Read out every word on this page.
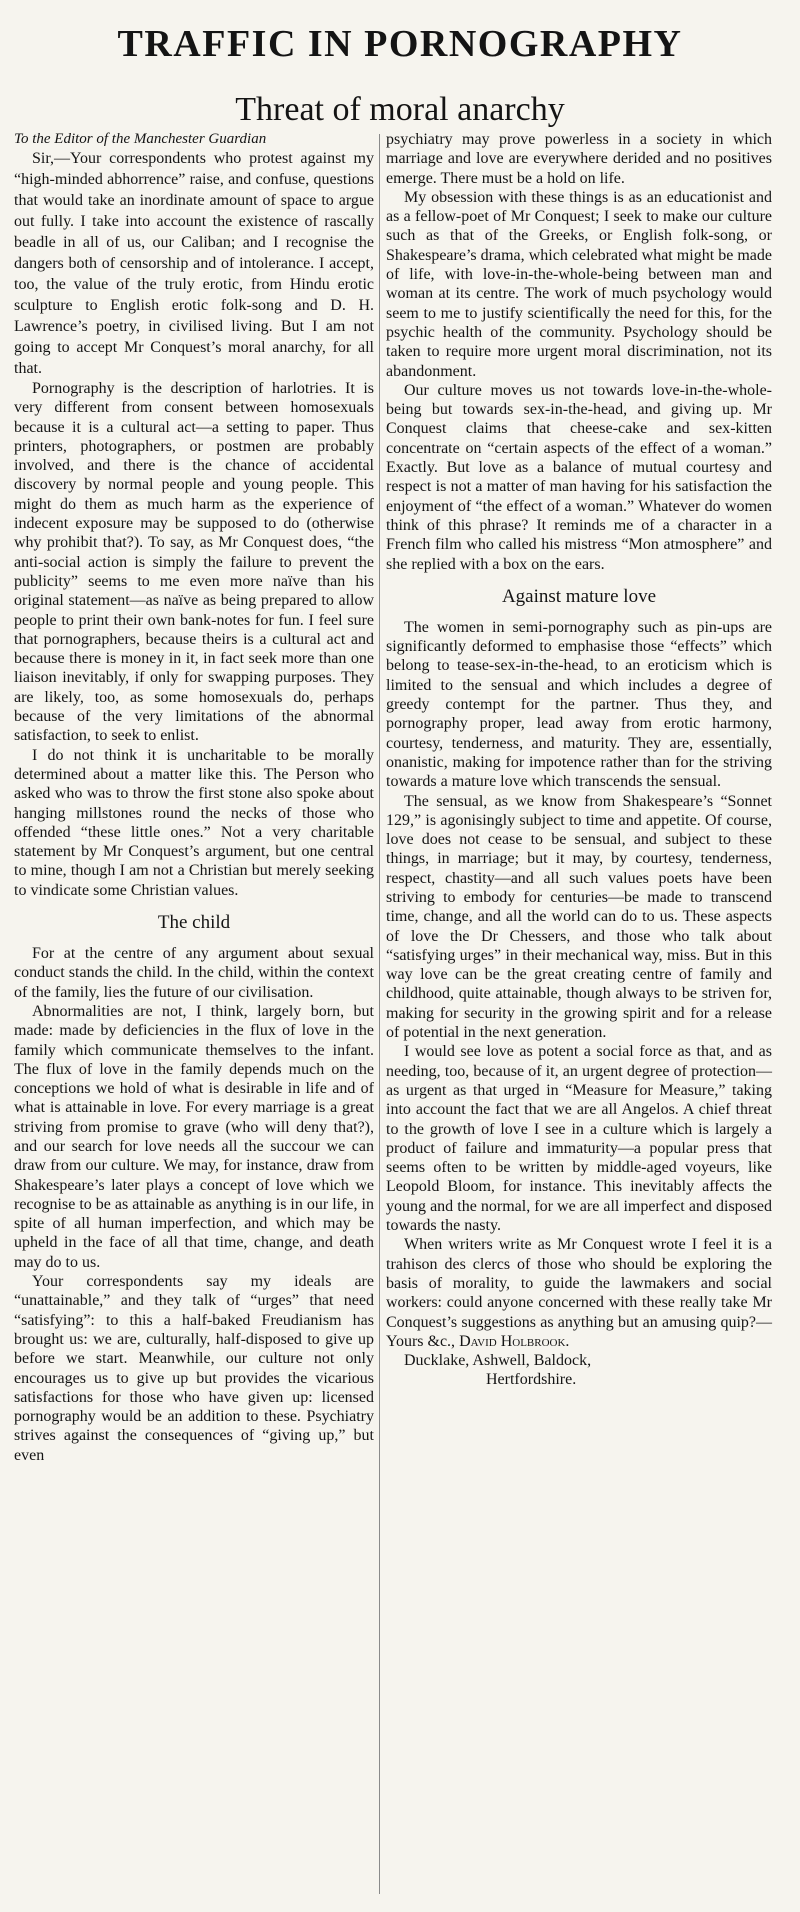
TRAFFIC IN PORNOGRAPHY
Threat of moral anarchy
To the Editor of the Manchester Guardian

Sir,—Your correspondents who protest against my “high-minded abhorrence” raise, and confuse, questions that would take an inordinate amount of space to argue out fully. I take into account the existence of rascally beadle in all of us, our Caliban; and I recognise the dangers both of censorship and of intolerance. I accept, too, the value of the truly erotic, from Hindu erotic sculpture to English erotic folk-song and D. H. Lawrence’s poetry, in civilised living. But I am not going to accept Mr Conquest’s moral anarchy, for all that.

Pornography is the description of harlotries. It is very different from consent between homosexuals because it is a cultural act—a setting to paper. Thus printers, photographers, or postmen are probably involved, and there is the chance of accidental discovery by normal people and young people. This might do them as much harm as the experience of indecent exposure may be supposed to do (otherwise why prohibit that?). To say, as Mr Conquest does, “the anti-social action is simply the failure to prevent the publicity” seems to me even more naïve than his original statement—as naïve as being prepared to allow people to print their own bank-notes for fun. I feel sure that pornographers, because theirs is a cultural act and because there is money in it, in fact seek more than one liaison inevitably, if only for swapping purposes. They are likely, too, as some homosexuals do, perhaps because of the very limitations of the abnormal satisfaction, to seek to enlist.

I do not think it is uncharitable to be morally determined about a matter like this. The Person who asked who was to throw the first stone also spoke about hanging millstones round the necks of those who offended “these little ones.” Not a very charitable statement by Mr Conquest’s argument, but one central to mine, though I am not a Christian but merely seeking to vindicate some Christian values.

The child

For at the centre of any argument about sexual conduct stands the child. In the child, within the context of the family, lies the future of our civilisation.

Abnormalities are not, I think, largely born, but made: made by deficiencies in the flux of love in the family which communicate themselves to the infant. The flux of love in the family depends much on the conceptions we hold of what is desirable in life and of what is attainable in love. For every marriage is a great striving from promise to grave (who will deny that?), and our search for love needs all the succour we can draw from our culture. We may, for instance, draw from Shakespeare’s later plays a concept of love which we recognise to be as attainable as anything is in our life, in spite of all human imperfection, and which may be upheld in the face of all that time, change, and death may do to us.

Your correspondents say my ideals are “unattainable,” and they talk of “urges” that need “satisfying”: to this a half-baked Freudianism has brought us: we are, culturally, half-disposed to give up before we start. Meanwhile, our culture not only encourages us to give up but provides the vicarious satisfactions for those who have given up: licensed pornography would be an addition to these. Psychiatry strives against the consequences of “giving up,” but even

psychiatry may prove powerless in a society in which marriage and love are everywhere derided and no positives emerge. There must be a hold on life.

My obsession with these things is as an educationist and as a fellow-poet of Mr Conquest; I seek to make our culture such as that of the Greeks, or English folk-song, or Shakespeare’s drama, which celebrated what might be made of life, with love-in-the-whole-being between man and woman at its centre. The work of much psychology would seem to me to justify scientifically the need for this, for the psychic health of the community. Psychology should be taken to require more urgent moral discrimination, not its abandonment.

Our culture moves us not towards love-in-the-whole-being but towards sex-in-the-head, and giving up. Mr Conquest claims that cheese-cake and sex-kitten concentrate on “certain aspects of the effect of a woman.” Exactly. But love as a balance of mutual courtesy and respect is not a matter of man having for his satisfaction the enjoyment of “the effect of a woman.” Whatever do women think of this phrase? It reminds me of a character in a French film who called his mistress “Mon atmosphere” and she replied with a box on the ears.

Against mature love

The women in semi-pornography such as pin-ups are significantly deformed to emphasise those “effects” which belong to tease-sex-in-the-head, to an eroticism which is limited to the sensual and which includes a degree of greedy contempt for the partner. Thus they, and pornography proper, lead away from erotic harmony, courtesy, tenderness, and maturity. They are, essentially, onanistic, making for impotence rather than for the striving towards a mature love which transcends the sensual.

The sensual, as we know from Shakespeare’s “Sonnet 129,” is agonisingly subject to time and appetite. Of course, love does not cease to be sensual, and subject to these things, in marriage; but it may, by courtesy, tenderness, respect, chastity—and all such values poets have been striving to embody for centuries—be made to transcend time, change, and all the world can do to us. These aspects of love the Dr Chessers, and those who talk about “satisfying urges” in their mechanical way, miss. But in this way love can be the great creating centre of family and childhood, quite attainable, though always to be striven for, making for security in the growing spirit and for a release of potential in the next generation.

I would see love as potent a social force as that, and as needing, too, because of it, an urgent degree of protection—as urgent as that urged in “Measure for Measure,” taking into account the fact that we are all Angelos. A chief threat to the growth of love I see in a culture which is largely a product of failure and immaturity—a popular press that seems often to be written by middle-aged voyeurs, like Leopold Bloom, for instance. This inevitably affects the young and the normal, for we are all imperfect and disposed towards the nasty.

When writers write as Mr Conquest wrote I feel it is a trahison des clercs of those who should be exploring the basis of morality, to guide the lawmakers and social workers: could anyone concerned with these really take Mr Conquest’s suggestions as anything but an amusing quip?—Yours &c., David Holbrook.

Ducklake, Ashwell, Baldock,
Hertfordshire.
